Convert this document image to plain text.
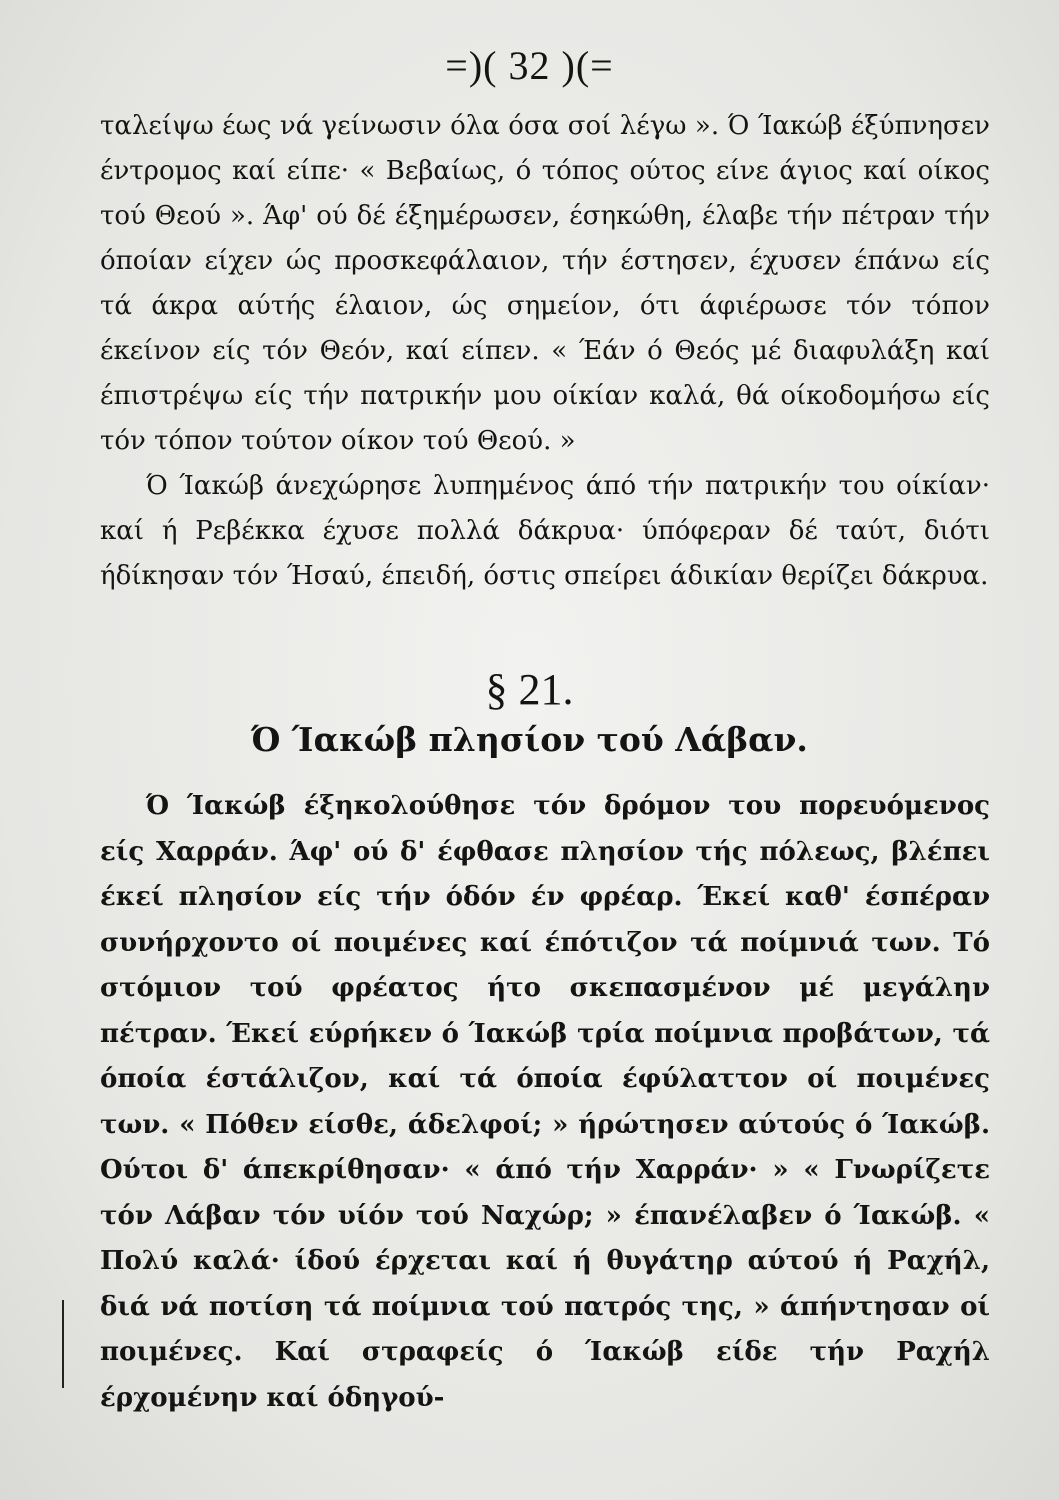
=)( 32 )(=

ταλείψω έως νά γείνωσιν όλα όσα σοί λέγω ». Ό Ίακώβ έξύπνησεν έντρομος καί είπε· « Βεβαίως, ό τόπος ούτος είνε άγιος καί οίκος τού Θεού ». Άφ' ού δέ έξημέρωσεν, έσηκώθη, έλαβε τήν πέτραν τήν όποίαν είχεν ώς προσκεφάλαιον, τήν έστησεν, έχυσεν έπάνω είς τά άκρα αύτής έλαιον, ώς σημείον, ότι άφιέρωσε τόν τόπον έκείνον είς τόν Θεόν, καί είπεν. « Έάν ό Θεός μέ διαφυλάξη καί έπιστρέψω είς τήν πατρικήν μου οίκίαν καλά, θά οίκοδομήσω είς τόν τόπον τούτον οίκον τού Θεού. »

Ό Ίακώβ άνεχώρησε λυπημένος άπό τήν πατρικήν του οίκίαν· καί ή Ρεβέκκα έχυσε πολλά δάκρυα· ύπόφεραν δέ ταύτ, διότι ήδίκησαν τόν Ήσαύ, έπειδή, όστις σπείρει άδικίαν θερίζει δάκρυα.

§ 21.
Ό Ίακώβ πλησίον τού Λάβαν.

Ό Ίακώβ έξηκολούθησε τόν δρόμον του πορευόμενος είς Χαρράν. Άφ' ού δ' έφθασε πλησίον τής πόλεως, βλέπει έκεί πλησίον είς τήν όδόν έν φρέαρ. Έκεί καθ' έσπέραν συνήρχοντο οί ποιμένες καί έπότιζον τά ποίμνιά των. Τό στόμιον τού φρέατος ήτο σκεπασμένον μέ μεγάλην πέτραν. Έκεί εύρήκεν ό Ίακώβ τρία ποίμνια προβάτων, τά όποία έστάλιζον, καί τά όποία έφύλαττον οί ποιμένες των. « Πόθεν είσθε, άδελφοί; » ήρώτησεν αύτούς ό Ίακώβ. Ούτοι δ' άπεκρίθησαν· « άπό τήν Χαρράν· » « Γνωρίζετε τόν Λάβαν τόν υίόν τού Ναχώρ; » έπανέλαβεν ό Ίακώβ. « Πολύ καλά· ίδού έρχεται καί ή θυγάτηρ αύτού ή Ραχήλ, διά νά ποτίση τά ποίμνια τού πατρός της, » άπήντησαν οί ποιμένες. Καί στραφείς ό Ίακώβ είδε τήν Ραχήλ έρχομένην καί όδηγού-
